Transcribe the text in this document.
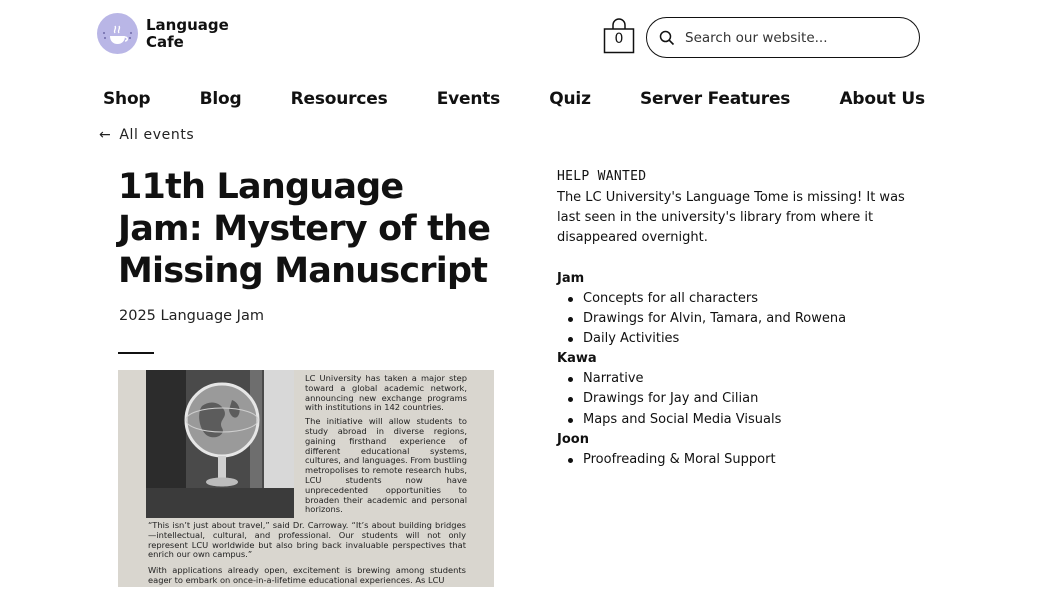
Language
Cafe	0
Search our website...
Shop	Blog	Resources	Events	Quiz	Server Features	About Us
← All events
11th Language Jam: Mystery of the Missing Manuscript
2025 Language Jam

LC University has taken a major step toward a global academic network, announcing new exchange programs with institutions in 142 countries.

The initiative will allow students to study abroad in diverse regions, gaining firsthand experience of different educational systems, cultures, and languages. From bustling metropolises to remote research hubs, LCU students now have unprecedented opportunities to broaden their academic and personal horizons.

“This isn’t just about travel,” said Dr. Carroway. “It’s about building bridges—intellectual, cultural, and professional. Our students will not only represent LCU worldwide but also bring back invaluable perspectives that enrich our own campus.”

With applications already open, excitement is brewing among students eager to embark on once-in-a-lifetime educational experiences. As LCU

HELP WANTED

The LC University's Language Tome is missing! It was last seen in the university's library from where it disappeared overnight.

Jam
Concepts for all characters
Drawings for Alvin, Tamara, and Rowena
Daily Activities
Kawa
Narrative
Drawings for Jay and Cilian
Maps and Social Media Visuals
Joon
Proofreading & Moral Support
